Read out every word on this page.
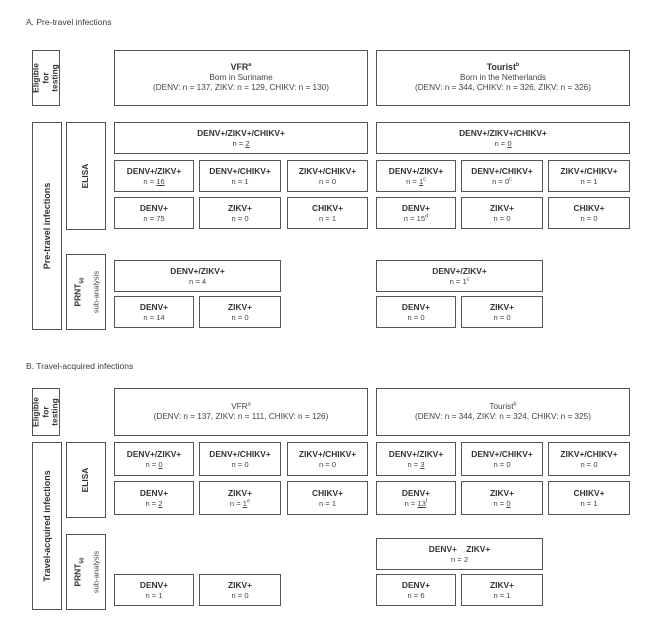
A. Pre-travel infections
Eligible
for
testing	VFR$^a$
Born in Suriname
(DENV: n = 137, ZIKV: n = 129, CHIKV: n = 130)
Tourist$^b$
Born in the Netherlands
(DENV: n = 344, CHIKV: n = 326, ZIKV: n = 326)
Pre-travel infections
ELISA
$PRNT_{50}$ sub-analysis
DENV+/ZIKV+/CHIKV+
n = 2
DENV+/ZIKV+
n = 16
DENV+/CHIKV+
n = 1
ZIKV+/CHIKV+
n = 0
DENV+
n = 75
ZIKV+
n = 0
CHIKV+
n = 1
DENV+/ZIKV+
n = 4
DENV+
n = 14
ZIKV+
n = 0
DENV+/ZIKV+/CHIKV+
n = 0
DENV+/ZIKV+
$n = 1^c$
DENV+/CHIKV+
$n = 0^c$
ZIKV+/CHIKV+
n = 1
DENV+
$n = 15^d$
ZIKV+
n = 0
CHIKV+
n = 0
DENV+/ZIKV+
$n = 1^c$
DENV+
n = 0
ZIKV+
n = 0
B. Travel-acquired infections
Eligible
for
testing	VFR$^a$
(DENV: n = 137, ZIKV: n = 111, CHIKV: n = 126)
Tourist$^b$
(DENV: n = 344, ZIKV: n = 324, CHIKV: n = 325)
Travel-acquired infections	ELISA
$PRNT_{50}$ sub-analysis
DENV+/ZIKV+
n = 0
DENV+/CHIKV+
n = 0
ZIKV+/CHIKV+
n = 0
DENV+
n = 2
ZIKV+
$n = 1^e$
CHIKV+
n = 1
DENV+
n = 1
ZIKV+
n = 0
DENV+/ZIKV+
n = 3
DENV+/CHIKV+
n = 0
ZIKV+/CHIKV+
n = 0
DENV+
$n = 13^f$
ZIKV+
n = 0
CHIKV+
n = 1
DENV+    ZIKV+
n = 2
DENV+
n = 6
ZIKV+
n = 1
